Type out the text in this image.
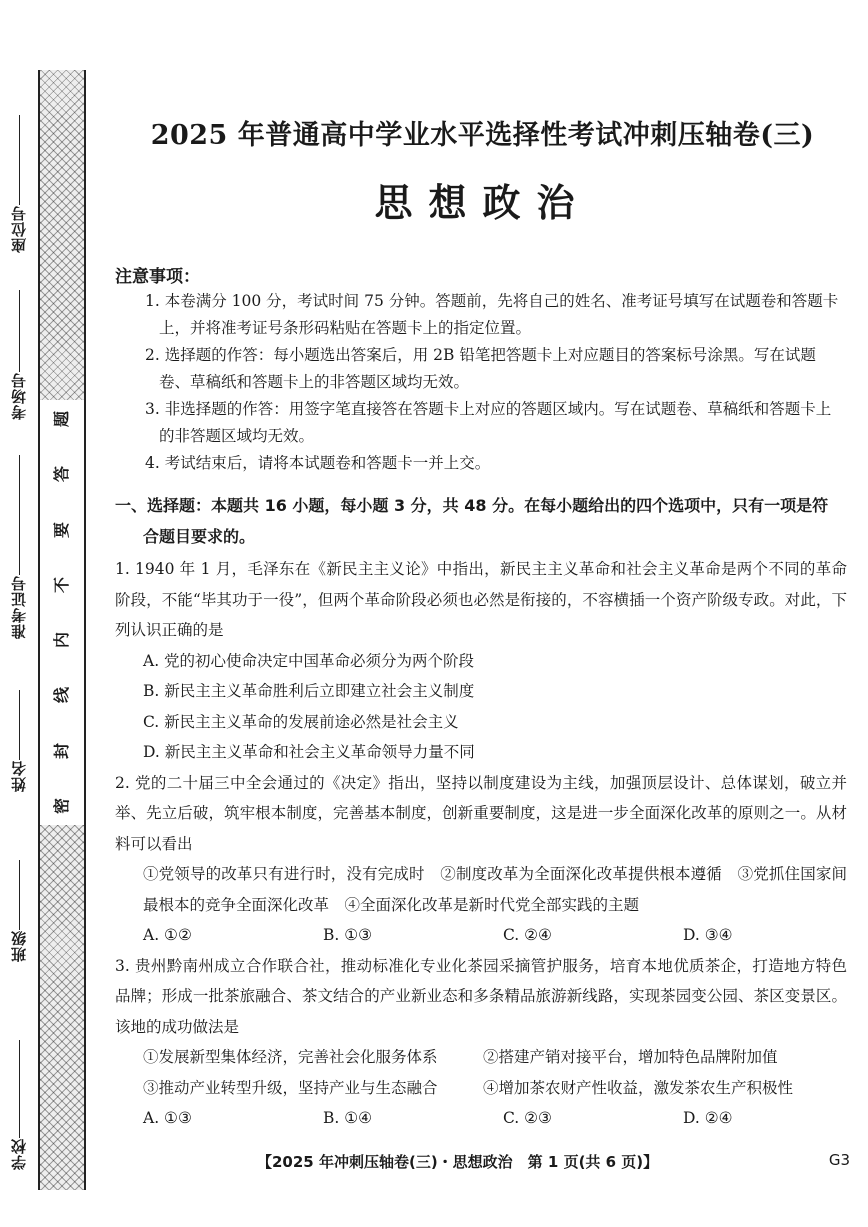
座位号
考场号
准考证号
姓名
班级
学校
题
答
要
不
内
线
封
密
2025 年普通高中学业水平选择性考试冲刺压轴卷(三)
思想政治
注意事项：
1. 本卷满分 100 分，考试时间 75 分钟。答题前，先将自己的姓名、准考证号填写在试题卷和答题卡上，并将准考证号条形码粘贴在答题卡上的指定位置。
2. 选择题的作答：每小题选出答案后，用 2B 铅笔把答题卡上对应题目的答案标号涂黑。写在试题卷、草稿纸和答题卡上的非答题区域均无效。
3. 非选择题的作答：用签字笔直接答在答题卡上对应的答题区域内。写在试题卷、草稿纸和答题卡上的非答题区域均无效。
4. 考试结束后，请将本试题卷和答题卡一并上交。
一、选择题：本题共 16 小题，每小题 3 分，共 48 分。在每小题给出的四个选项中，只有一项是符
合题目要求的。
1. 1940 年 1 月，毛泽东在《新民主主义论》中指出，新民主主义革命和社会主义革命是两个不同的革命阶段，不能“毕其功于一役”，但两个革命阶段必须也必然是衔接的，不容横插一个资产阶级专政。对此，下列认识正确的是
A. 党的初心使命决定中国革命必须分为两个阶段
B. 新民主主义革命胜利后立即建立社会主义制度
C. 新民主主义革命的发展前途必然是社会主义
D. 新民主主义革命和社会主义革命领导力量不同
2. 党的二十届三中全会通过的《决定》指出，坚持以制度建设为主线，加强顶层设计、总体谋划，破立并举、先立后破，筑牢根本制度，完善基本制度，创新重要制度，这是进一步全面深化改革的原则之一。从材料可以看出
①党领导的改革只有进行时，没有完成时　②制度改革为全面深化改革提供根本遵循　③党抓住国家间最根本的竞争全面深化改革　④全面深化改革是新时代党全部实践的主题
A. ①②	B. ①③	C. ②④	D. ③④
3. 贵州黔南州成立合作联合社，推动标准化专业化茶园采摘管护服务，培育本地优质茶企，打造地方特色品牌；形成一批茶旅融合、茶文结合的产业新业态和多条精品旅游新线路，实现茶园变公园、茶区变景区。该地的成功做法是
①发展新型集体经济，完善社会化服务体系	②搭建产销对接平台，增加特色品牌附加值
③推动产业转型升级，坚持产业与生态融合	④增加茶农财产性收益，激发茶农生产积极性
A. ①③	B. ①④	C. ②③	D. ②④
【2025 年冲刺压轴卷(三)・思想政治　第 1 页(共 6 页)】	G3
